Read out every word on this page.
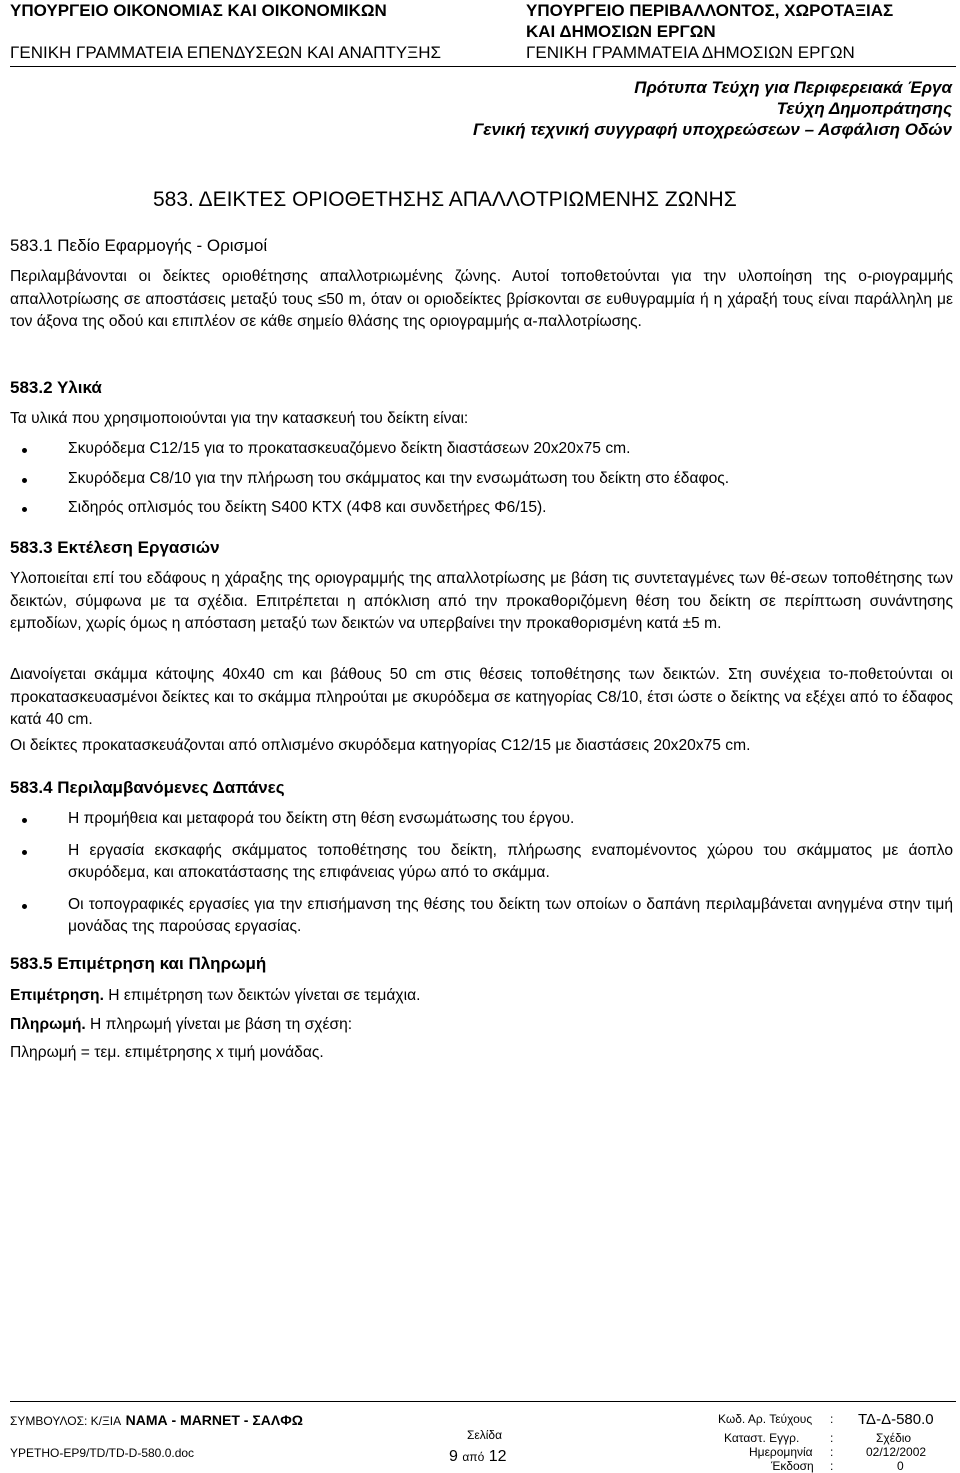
ΥΠΟΥΡΓΕΙΟ ΟΙΚΟΝΟΜΙΑΣ ΚΑΙ ΟΙΚΟΝΟΜΙΚΩΝ
ΓΕΝΙΚΗ ΓΡΑΜΜΑΤΕΙΑ ΕΠΕΝΔΥΣΕΩΝ ΚΑΙ ΑΝΑΠΤΥΞΗΣ
ΥΠΟΥΡΓΕΙΟ ΠΕΡΙΒΑΛΛΟΝΤΟΣ, ΧΩΡΟΤΑΞΙΑΣ
ΚΑΙ ΔΗΜΟΣΙΩΝ ΕΡΓΩΝ
ΓΕΝΙΚΗ ΓΡΑΜΜΑΤΕΙΑ ΔΗΜΟΣΙΩΝ ΕΡΓΩΝ
Πρότυπα Τεύχη για Περιφερειακά Έργα
Τεύχη Δημοπράτησης
Γενική τεχνική συγγραφή υποχρεώσεων – Ασφάλιση Οδών
583. ΔΕΙΚΤΕΣ ΟΡΙΟΘΕΤΗΣΗΣ ΑΠΑΛΛΟΤΡΙΩΜΕΝΗΣ ΖΩΝΗΣ
583.1 Πεδίο Εφαρμογής - Ορισμοί
Περιλαμβάνονται οι δείκτες οριοθέτησης απαλλοτριωμένης ζώνης. Αυτοί τοποθετούνται για την υλοποίηση της ο-ριογραμμής απαλλοτρίωσης σε αποστάσεις μεταξύ τους ≤50 m, όταν οι οριοδείκτες βρίσκονται σε ευθυγραμμία ή η χάραξή τους είναι παράλληλη με τον άξονα της οδού και επιπλέον σε κάθε σημείο θλάσης της οριογραμμής α-παλλοτρίωσης.
583.2 Υλικά
Τα υλικά που χρησιμοποιούνται για την κατασκευή του δείκτη είναι:
Σκυρόδεμα C12/15 για το προκατασκευαζόμενο δείκτη διαστάσεων 20x20x75 cm.
Σκυρόδεμα C8/10 για την πλήρωση του σκάμματος και την ενσωμάτωση του δείκτη στο έδαφος.
Σιδηρός οπλισμός του δείκτη S400 ΚΤΧ (4Φ8 και συνδετήρες Φ6/15).
583.3 Εκτέλεση Εργασιών
Υλοποιείται επί του εδάφους η χάραξης της οριογραμμής της απαλλοτρίωσης με βάση τις συντεταγμένες των θέ-σεων τοποθέτησης των δεικτών, σύμφωνα με τα σχέδια. Επιτρέπεται η απόκλιση από την προκαθοριζόμενη θέση του δείκτη σε περίπτωση συνάντησης εμποδίων, χωρίς όμως η απόσταση μεταξύ των δεικτών να υπερβαίνει την προκαθορισμένη κατά ±5 m.
Διανοίγεται σκάμμα κάτοψης 40x40 cm και βάθους 50 cm στις θέσεις τοποθέτησης των δεικτών. Στη συνέχεια το-ποθετούνται οι προκατασκευασμένοι δείκτες και το σκάμμα πληρούται με σκυρόδεμα σε κατηγορίας C8/10, έτσι ώστε ο δείκτης να εξέχει από το έδαφος κατά 40 cm.
Οι δείκτες προκατασκευάζονται από οπλισμένο σκυρόδεμα κατηγορίας C12/15 με διαστάσεις 20x20x75 cm.
583.4 Περιλαμβανόμενες Δαπάνες
Η προμήθεια και μεταφορά του δείκτη στη θέση ενσωμάτωσης του έργου.
Η εργασία εκσκαφής σκάμματος τοποθέτησης του δείκτη, πλήρωσης εναπομένοντος χώρου του σκάμματος με άοπλο σκυρόδεμα, και αποκατάστασης της επιφάνειας γύρω από το σκάμμα.
Οι τοπογραφικές εργασίες για την επισήμανση της θέσης του δείκτη των οποίων ο δαπάνη περιλαμβάνεται ανηγμένα στην τιμή μονάδας της παρούσας εργασίας.
583.5 Επιμέτρηση και Πληρωμή
Επιμέτρηση. Η επιμέτρηση των δεικτών γίνεται σε τεμάχια.
Πληρωμή. Η πληρωμή γίνεται με βάση τη σχέση:
Πληρωμή = τεμ. επιμέτρησης x τιμή μονάδας.
ΣΥΜΒΟΥΛΟΣ: Κ/ΞΙΑ ΝΑΜΑ - ΜΑRΝΕΤ - ΣΑΛΦΩ
YPETHO-EP9/TD/TD-D-580.0.doc
Σελίδα
9 από 12
Κωδ. Αρ. Τεύχους : ΤΔ-Δ-580.0
Καταστ. Εγγρ.	:	Σχέδιο
Ημερομηνία :	02/12/2002
Έκδοση :	0
